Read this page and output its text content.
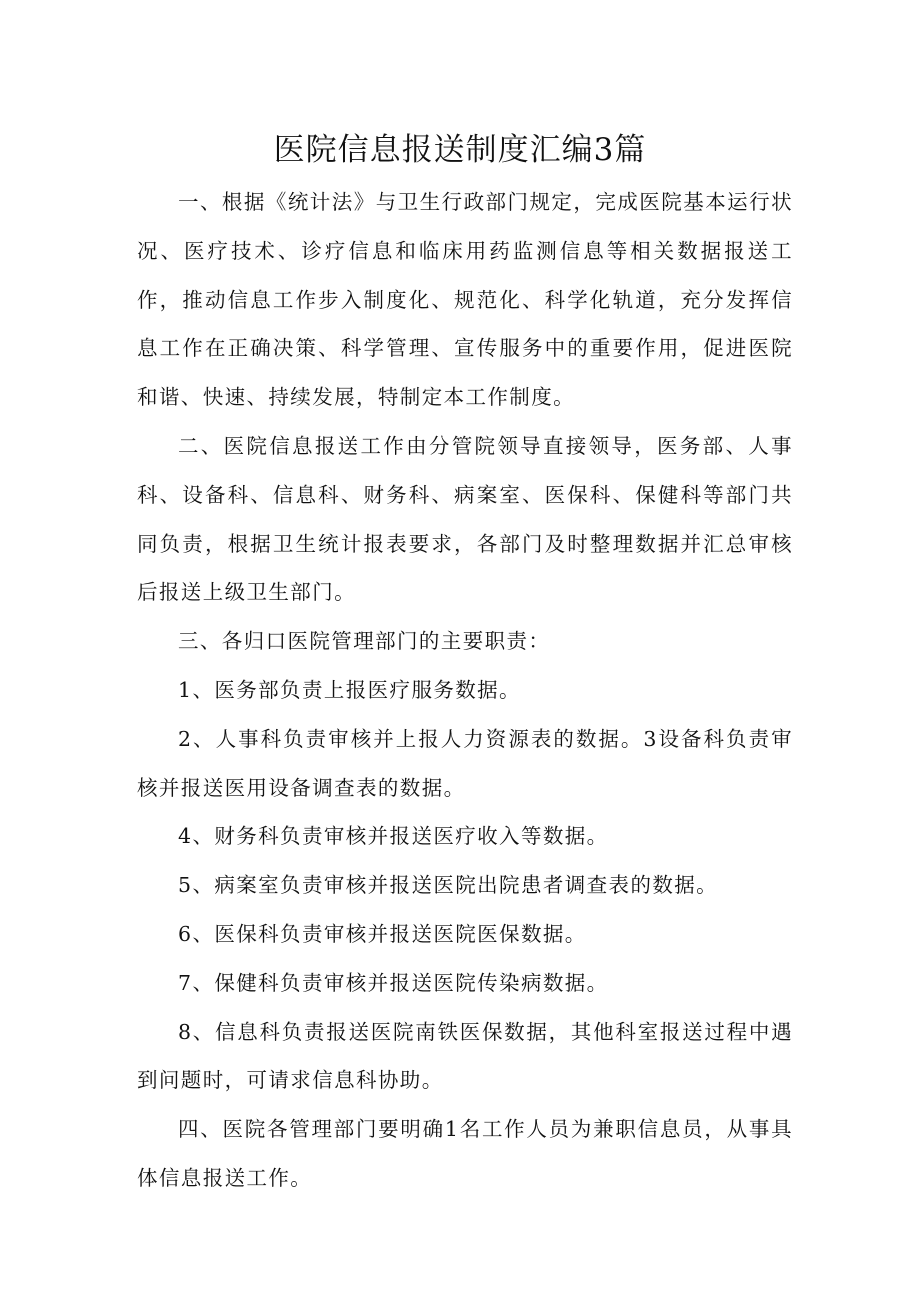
医院信息报送制度汇编3篇

一、根据《统计法》与卫生行政部门规定，完成医院基本运行状况、医疗技术、诊疗信息和临床用药监测信息等相关数据报送工作，推动信息工作步入制度化、规范化、科学化轨道，充分发挥信息工作在正确决策、科学管理、宣传服务中的重要作用，促进医院和谐、快速、持续发展，特制定本工作制度。

二、医院信息报送工作由分管院领导直接领导，医务部、人事科、设备科、信息科、财务科、病案室、医保科、保健科等部门共同负责，根据卫生统计报表要求，各部门及时整理数据并汇总审核后报送上级卫生部门。

三、各归口医院管理部门的主要职责：

1、医务部负责上报医疗服务数据。

2、人事科负责审核并上报人力资源表的数据。3设备科负责审核并报送医用设备调查表的数据。

4、财务科负责审核并报送医疗收入等数据。

5、病案室负责审核并报送医院出院患者调查表的数据。

6、医保科负责审核并报送医院医保数据。

7、保健科负责审核并报送医院传染病数据。

8、信息科负责报送医院南铁医保数据，其他科室报送过程中遇到问题时，可请求信息科协助。

四、医院各管理部门要明确1名工作人员为兼职信息员，从事具体信息报送工作。
